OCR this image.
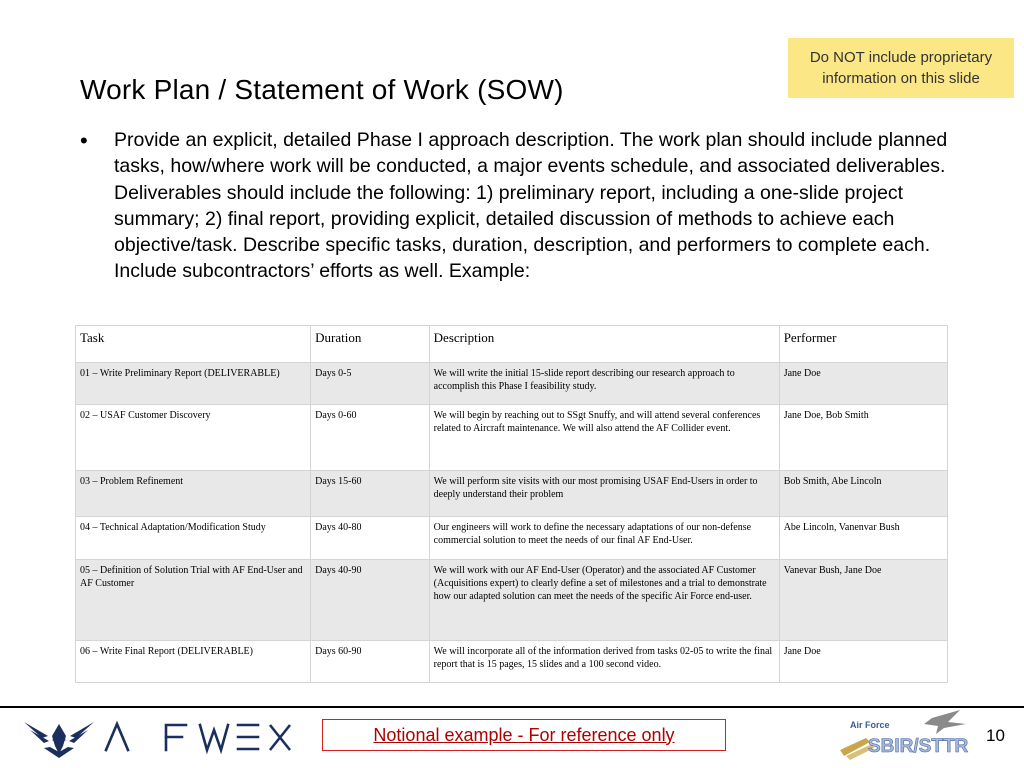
Work Plan / Statement of Work (SOW)
Do NOT include proprietary information on this slide
• Provide an explicit, detailed Phase I approach description. The work plan should include planned tasks, how/where work will be conducted, a major events schedule, and associated deliverables. Deliverables should include the following: 1) preliminary report, including a one-slide project summary; 2) final report, providing explicit, detailed discussion of methods to achieve each objective/task. Describe specific tasks, duration, description, and performers to complete each. Include subcontractors’ efforts as well. Example:

Task	Duration	Description	Performer
01 – Write Preliminary Report (DELIVERABLE)	Days 0-5	We will write the initial 15-slide report describing our research approach to accomplish this Phase I feasibility study.	Jane Doe
02 – USAF Customer Discovery	Days 0-60	We will begin by reaching out to SSgt Snuffy, and will attend several conferences related to Aircraft maintenance. We will also attend the AF Collider event.	Jane Doe, Bob Smith
03 – Problem Refinement	Days 15-60	We will perform site visits with our most promising USAF End-Users in order to deeply understand their problem	Bob Smith, Abe Lincoln
04 – Technical Adaptation/Modification Study	Days 40-80	Our engineers will work to define the necessary adaptations of our non-defense commercial solution to meet the needs of our final AF End-User.	Abe Lincoln, Vanenvar Bush
05 – Definition of Solution Trial with AF End-User and AF Customer	Days 40-90	We will work with our AF End-User (Operator) and the associated AF Customer (Acquisitions expert) to clearly define a set of milestones and a trial to demonstrate how our adapted solution can meet the needs of the specific Air Force end-user.	Vanevar Bush, Jane Doe
06 – Write Final Report (DELIVERABLE)	Days 60-90	We will incorporate all of the information derived from tasks 02-05 to write the final report that is 15 pages, 15 slides and a 100 second video.	Jane Doe
Notional example - For reference only	Air Force
SBIR/STTR
10
